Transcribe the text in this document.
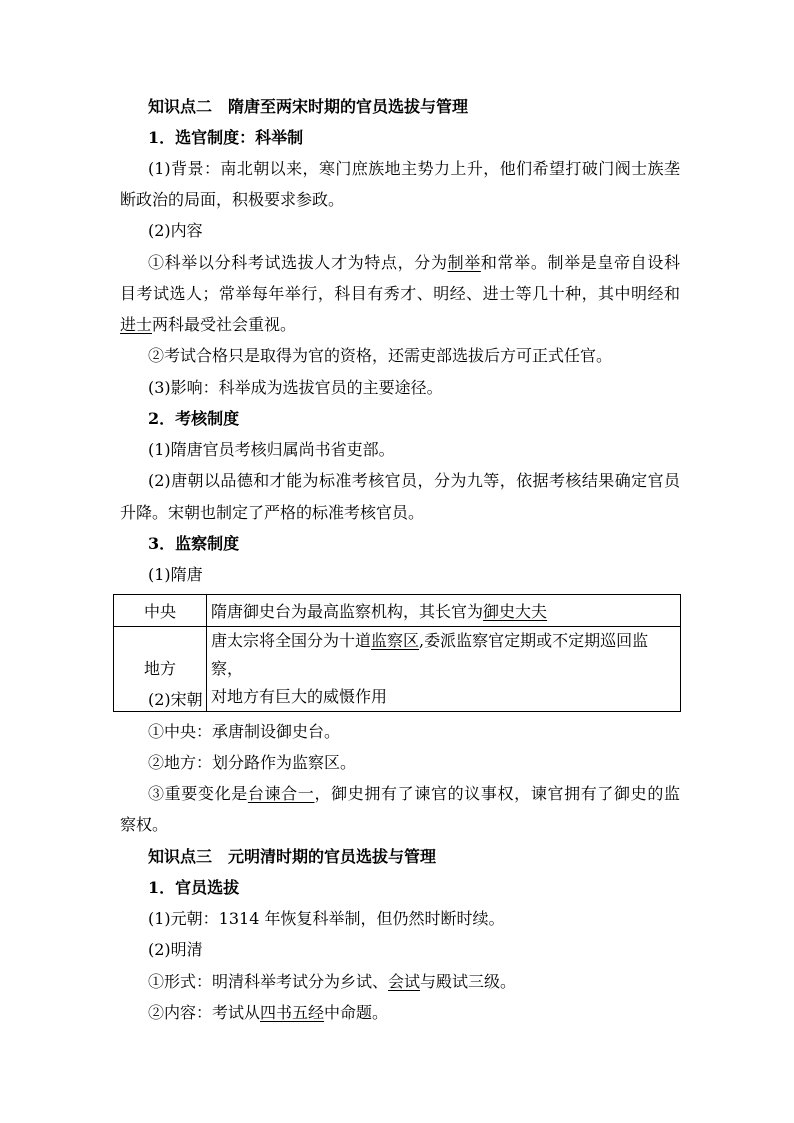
知识点二　隋唐至两宋时期的官员选拔与管理
1．选官制度：科举制
(1)背景：南北朝以来，寒门庶族地主势力上升，他们希望打破门阀士族垄
断政治的局面，积极要求参政。
(2)内容
①科举以分科考试选拔人才为特点，分为制举和常举。制举是皇帝自设科
目考试选人；常举每年举行，科目有秀才、明经、进士等几十种，其中明经和
进士两科最受社会重视。
②考试合格只是取得为官的资格，还需吏部选拔后方可正式任官。
(3)影响：科举成为选拔官员的主要途径。
2．考核制度
(1)隋唐官员考核归属尚书省吏部。
(2)唐朝以品德和才能为标准考核官员，分为九等，依据考核结果确定官员
升降。宋朝也制定了严格的标准考核官员。
3．监察制度
(1)隋唐
中央	隋唐御史台为最高监察机构，其长官为御史大夫
地方	唐太宗将全国分为十道监察区,委派监察官定期或不定期巡回监察，
对地方有巨大的威慑作用
(2)宋朝
①中央：承唐制设御史台。
②地方：划分路作为监察区。
③重要变化是台谏合一，御史拥有了谏官的议事权，谏官拥有了御史的监
察权。
知识点三　元明清时期的官员选拔与管理
1．官员选拔
(1)元朝：1314 年恢复科举制，但仍然时断时续。
(2)明清
①形式：明清科举考试分为乡试、会试与殿试三级。
②内容：考试从四书五经中命题。
